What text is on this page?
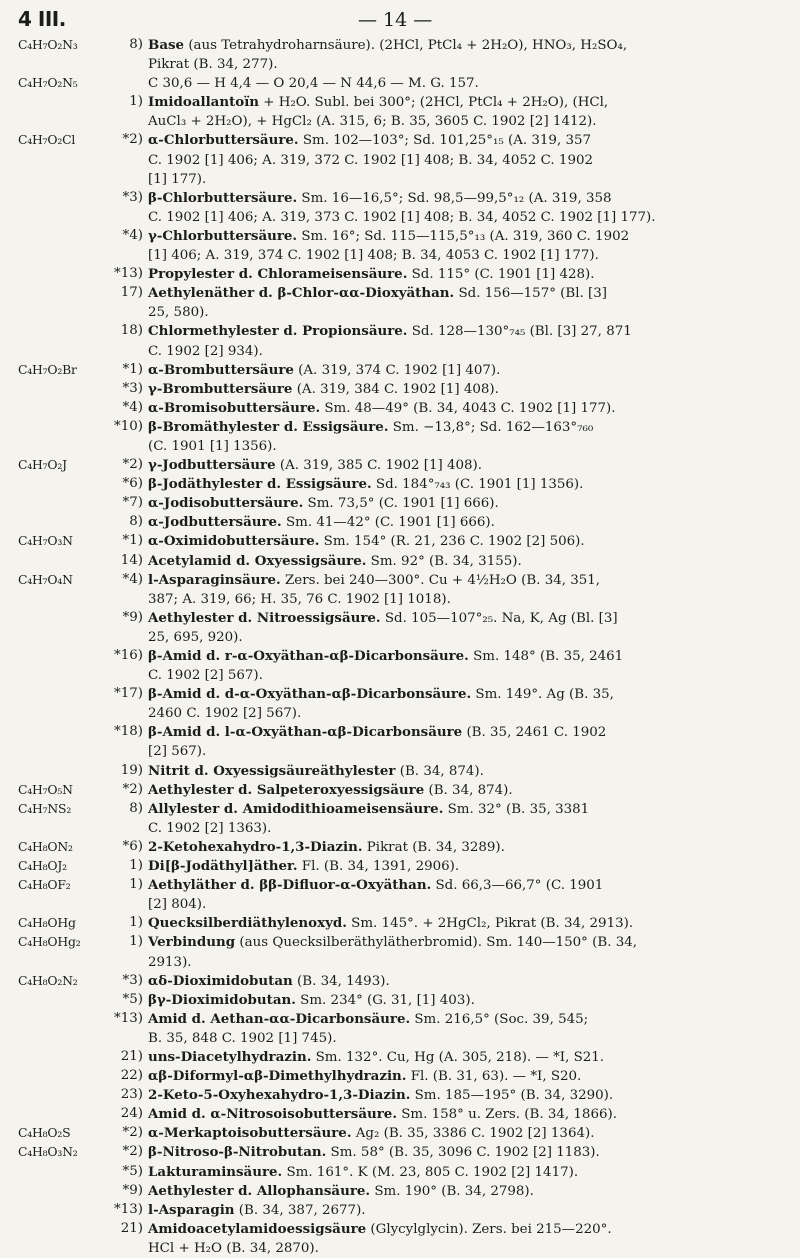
4 III.	— 14 —
C₄H₇O₂N₃	8) Base (aus Tetrahydroharnsäure). (2HCl, PtCl₄ + 2H₂O), HNO₃, H₂SO₄,
Pikrat (B. 34, 277).
C₄H₇O₂N₅	C 30,6 — H 4,4 — O 20,4 — N 44,6 — M. G. 157.
1) Imidoallantoïn + H₂O. Subl. bei 300°; (2HCl, PtCl₄ + 2H₂O), (HCl,
AuCl₃ + 2H₂O), + HgCl₂ (A. 315, 6; B. 35, 3605 C. 1902 [2] 1412).
C₄H₇O₂Cl	*2) α-Chlorbuttersäure. Sm. 102—103°; Sd. 101,25°₁₅ (A. 319, 357
C. 1902 [1] 406; A. 319, 372 C. 1902 [1] 408; B. 34, 4052 C. 1902
[1] 177).
*3) β-Chlorbuttersäure. Sm. 16—16,5°; Sd. 98,5—99,5°₁₂ (A. 319, 358
C. 1902 [1] 406; A. 319, 373 C. 1902 [1] 408; B. 34, 4052 C. 1902 [1] 177).
*4) γ-Chlorbuttersäure. Sm. 16°; Sd. 115—115,5°₁₃ (A. 319, 360 C. 1902
[1] 406; A. 319, 374 C. 1902 [1] 408; B. 34, 4053 C. 1902 [1] 177).
*13) Propylester d. Chlorameisensäure. Sd. 115° (C. 1901 [1] 428).
17) Aethylenäther d. β-Chlor-αα-Dioxyäthan. Sd. 156—157° (Bl. [3]
25, 580).
18) Chlormethylester d. Propionsäure. Sd. 128—130°₇₄₅ (Bl. [3] 27, 871
C. 1902 [2] 934).
C₄H₇O₂Br	*1) α-Brombuttersäure (A. 319, 374 C. 1902 [1] 407).
*3) γ-Brombuttersäure (A. 319, 384 C. 1902 [1] 408).
*4) α-Bromisobuttersäure. Sm. 48—49° (B. 34, 4043 C. 1902 [1] 177).
*10) β-Bromäthylester d. Essigsäure. Sm. −13,8°; Sd. 162—163°₇₆₀
(C. 1901 [1] 1356).
C₄H₇O₂J	*2) γ-Jodbuttersäure (A. 319, 385 C. 1902 [1] 408).
*6) β-Jodäthylester d. Essigsäure. Sd. 184°₇₄₃ (C. 1901 [1] 1356).
*7) α-Jodisobuttersäure. Sm. 73,5° (C. 1901 [1] 666).
8) α-Jodbuttersäure. Sm. 41—42° (C. 1901 [1] 666).
C₄H₇O₃N	*1) α-Oximidobuttersäure. Sm. 154° (R. 21, 236 C. 1902 [2] 506).
14) Acetylamid d. Oxyessigsäure. Sm. 92° (B. 34, 3155).
C₄H₇O₄N	*4) l-Asparaginsäure. Zers. bei 240—300°. Cu + 4½H₂O (B. 34, 351,
387; A. 319, 66; H. 35, 76 C. 1902 [1] 1018).
*9) Aethylester d. Nitroessigsäure. Sd. 105—107°₂₅. Na, K, Ag (Bl. [3]
25, 695, 920).
*16) β-Amid d. r-α-Oxyäthan-αβ-Dicarbonsäure. Sm. 148° (B. 35, 2461
C. 1902 [2] 567).
*17) β-Amid d. d-α-Oxyäthan-αβ-Dicarbonsäure. Sm. 149°. Ag (B. 35,
2460 C. 1902 [2] 567).
*18) β-Amid d. l-α-Oxyäthan-αβ-Dicarbonsäure (B. 35, 2461 C. 1902
[2] 567).
19) Nitrit d. Oxyessigsäureäthylester (B. 34, 874).
C₄H₇O₅N	*2) Aethylester d. Salpeteroxyessigsäure (B. 34, 874).
C₄H₇NS₂	8) Allylester d. Amidodithioameisensäure. Sm. 32° (B. 35, 3381
C. 1902 [2] 1363).
C₄H₈ON₂	*6) 2-Ketohexahydro-1,3-Diazin. Pikrat (B. 34, 3289).
C₄H₈OJ₂	1) Di[β-Jodäthyl]äther. Fl. (B. 34, 1391, 2906).
C₄H₈OF₂	1) Aethyläther d. ββ-Difluor-α-Oxyäthan. Sd. 66,3—66,7° (C. 1901
[2] 804).
C₄H₈OHg	1) Quecksilberdiäthylenoxyd. Sm. 145°. + 2HgCl₂, Pikrat (B. 34, 2913).
C₄H₈OHg₂	1) Verbindung (aus Quecksilberäthylätherbromid). Sm. 140—150° (B. 34,
2913).
C₄H₈O₂N₂	*3) αδ-Dioximidobutan (B. 34, 1493).
*5) βγ-Dioximidobutan. Sm. 234° (G. 31, [1] 403).
*13) Amid d. Aethan-αα-Dicarbonsäure. Sm. 216,5° (Soc. 39, 545;
B. 35, 848 C. 1902 [1] 745).
21) uns-Diacetylhydrazin. Sm. 132°. Cu, Hg (A. 305, 218). — *I, S21.
22) αβ-Diformyl-αβ-Dimethylhydrazin. Fl. (B. 31, 63). — *I, S20.
23) 2-Keto-5-Oxyhexahydro-1,3-Diazin. Sm. 185—195° (B. 34, 3290).
24) Amid d. α-Nitrosoisobuttersäure. Sm. 158° u. Zers. (B. 34, 1866).
C₄H₈O₂S	*2) α-Merkaptoisobuttersäure. Ag₂ (B. 35, 3386 C. 1902 [2] 1364).
C₄H₈O₃N₂	*2) β-Nitroso-β-Nitrobutan. Sm. 58° (B. 35, 3096 C. 1902 [2] 1183).
*5) Lakturaminsäure. Sm. 161°. K (M. 23, 805 C. 1902 [2] 1417).
*9) Aethylester d. Allophansäure. Sm. 190° (B. 34, 2798).
*13) l-Asparagin (B. 34, 387, 2677).
21) Amidoacetylamidoessigsäure (Glycylglycin). Zers. bei 215—220°.
HCl + H₂O (B. 34, 2870).
